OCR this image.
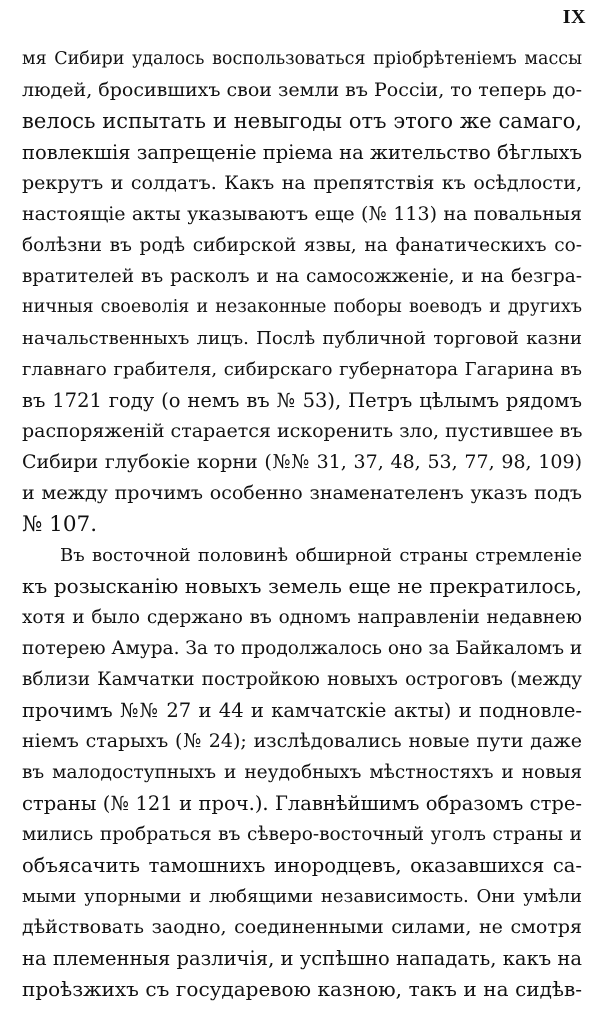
IX
мя Сибири удалось воспользоваться пріобрѣтеніемъ массы
людей, бросившихъ свои земли въ Россіи, то теперь до-
велось испытать и невыгоды отъ этого же самаго,
повлекшія запрещеніе пріема на жительство бѣглыхъ
рекрутъ и солдатъ. Какъ на препятствія къ осѣдлости,
настоящіе акты указываютъ еще (№ 113) на повальныя
болѣзни въ родѣ сибирской язвы, на фанатическихъ со-
вратителей въ расколъ и на самосожженіе, и на безгра-
ничныя своеволія и незаконные поборы воеводъ и другихъ
начальственныхъ лицъ. Послѣ публичной торговой казни
главнаго грабителя, сибирскаго губернатора Гагарина въ
въ 1721 году (о немъ въ № 53), Петръ цѣлымъ рядомъ
распоряженій старается искоренить зло, пустившее въ
Сибири глубокіе корни (№№ 31, 37, 48, 53, 77, 98, 109)
и между прочимъ особенно знаменателенъ указъ подъ
№ 107.
Въ восточной половинѣ обширной страны стремленіе
къ розысканію новыхъ земель еще не прекратилось,
хотя и было сдержано въ одномъ направленіи недавнею
потерею Амура. За то продолжалось оно за Байкаломъ и
вблизи Камчатки постройкою новыхъ остроговъ (между
прочимъ №№ 27 и 44 и камчатскіе акты) и подновле-
ніемъ старыхъ (№ 24); изслѣдовались новые пути даже
въ малодоступныхъ и неудобныхъ мѣстностяхъ и новыя
страны (№ 121 и проч.). Главнѣйшимъ образомъ стре-
мились пробраться въ сѣверо-восточный уголъ страны и
объясачить тамошнихъ инородцевъ, оказавшихся са-
мыми упорными и любящими независимость. Они умѣли
дѣйствовать заодно, соединенными силами, не смотря
на племенныя различія, и успѣшно нападать, какъ на
проѣзжихъ съ государевою казною, такъ и на сидѣв-
